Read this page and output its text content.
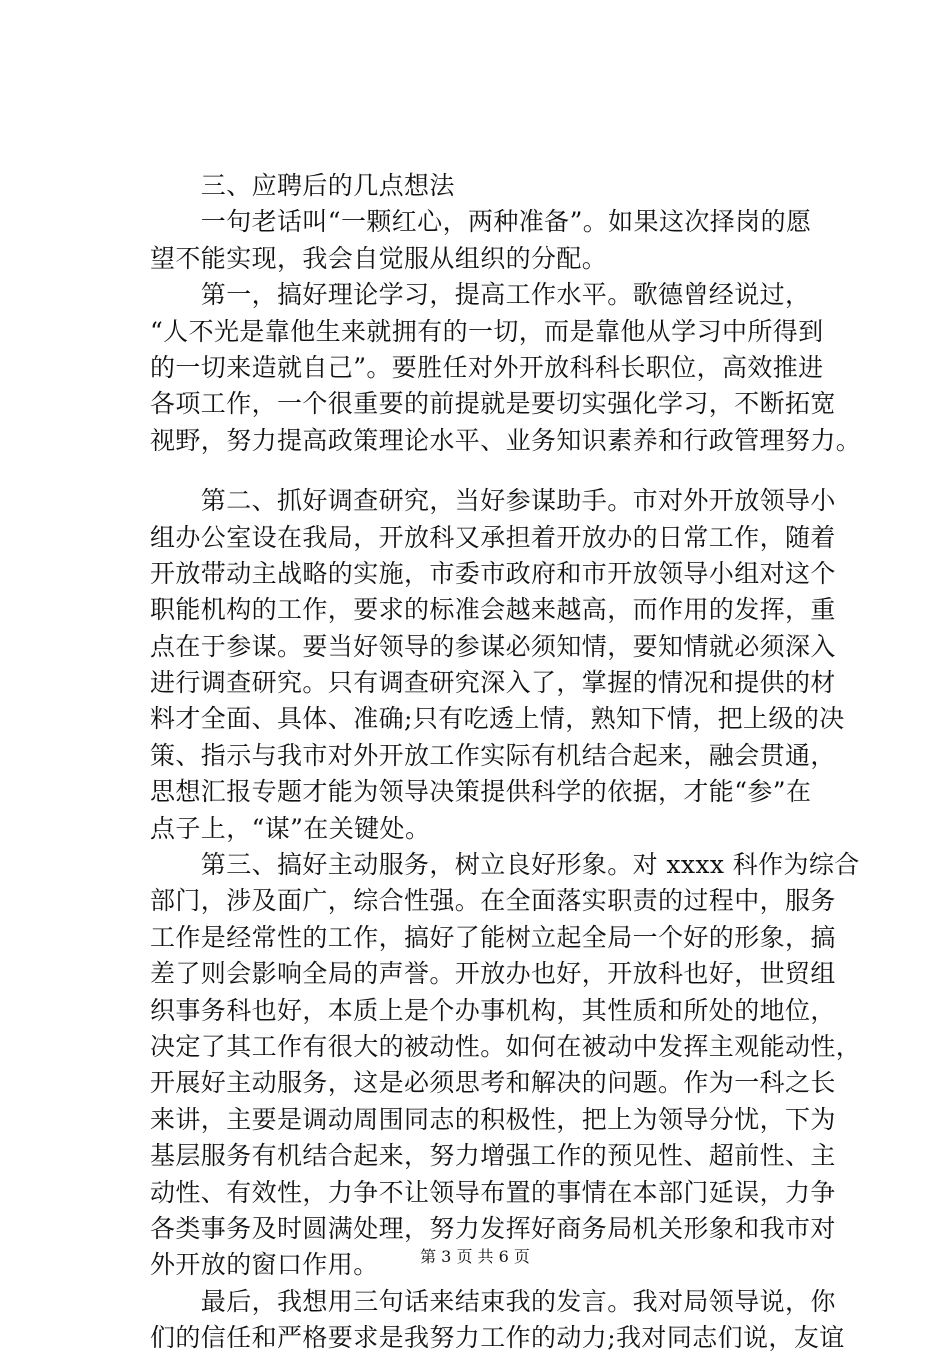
　　三、应聘后的几点想法
　　一句老话叫“一颗红心，两种准备”。如果这次择岗的愿
望不能实现，我会自觉服从组织的分配。
　　第一，搞好理论学习，提高工作水平。歌德曾经说过，
“人不光是靠他生来就拥有的一切，而是靠他从学习中所得到
的一切来造就自己”。要胜任对外开放科科长职位，高效推进
各项工作，一个很重要的前提就是要切实强化学习，不断拓宽
视野，努力提高政策理论水平、业务知识素养和行政管理努力。
　　第二、抓好调查研究，当好参谋助手。市对外开放领导小
组办公室设在我局，开放科又承担着开放办的日常工作，随着
开放带动主战略的实施，市委市政府和市开放领导小组对这个
职能机构的工作，要求的标准会越来越高，而作用的发挥，重
点在于参谋。要当好领导的参谋必须知情，要知情就必须深入
进行调查研究。只有调查研究深入了，掌握的情况和提供的材
料才全面、具体、准确;只有吃透上情，熟知下情，把上级的决
策、指示与我市对外开放工作实际有机结合起来，融会贯通，
思想汇报专题才能为领导决策提供科学的依据，才能“参”在
点子上，“谋”在关键处。
　　第三、搞好主动服务，树立良好形象。对 xxxx 科作为综合
部门，涉及面广，综合性强。在全面落实职责的过程中，服务
工作是经常性的工作，搞好了能树立起全局一个好的形象，搞
差了则会影响全局的声誉。开放办也好，开放科也好，世贸组
织事务科也好，本质上是个办事机构，其性质和所处的地位，
决定了其工作有很大的被动性。如何在被动中发挥主观能动性，
开展好主动服务，这是必须思考和解决的问题。作为一科之长
来讲，主要是调动周围同志的积极性，把上为领导分忧，下为
基层服务有机结合起来，努力增强工作的预见性、超前性、主
动性、有效性，力争不让领导布置的事情在本部门延误，力争
各类事务及时圆满处理，努力发挥好商务局机关形象和我市对
外开放的窗口作用。
　　最后，我想用三句话来结束我的发言。我对局领导说，你
们的信任和严格要求是我努力工作的动力;我对同志们说，友谊
第 3 页 共 6 页
